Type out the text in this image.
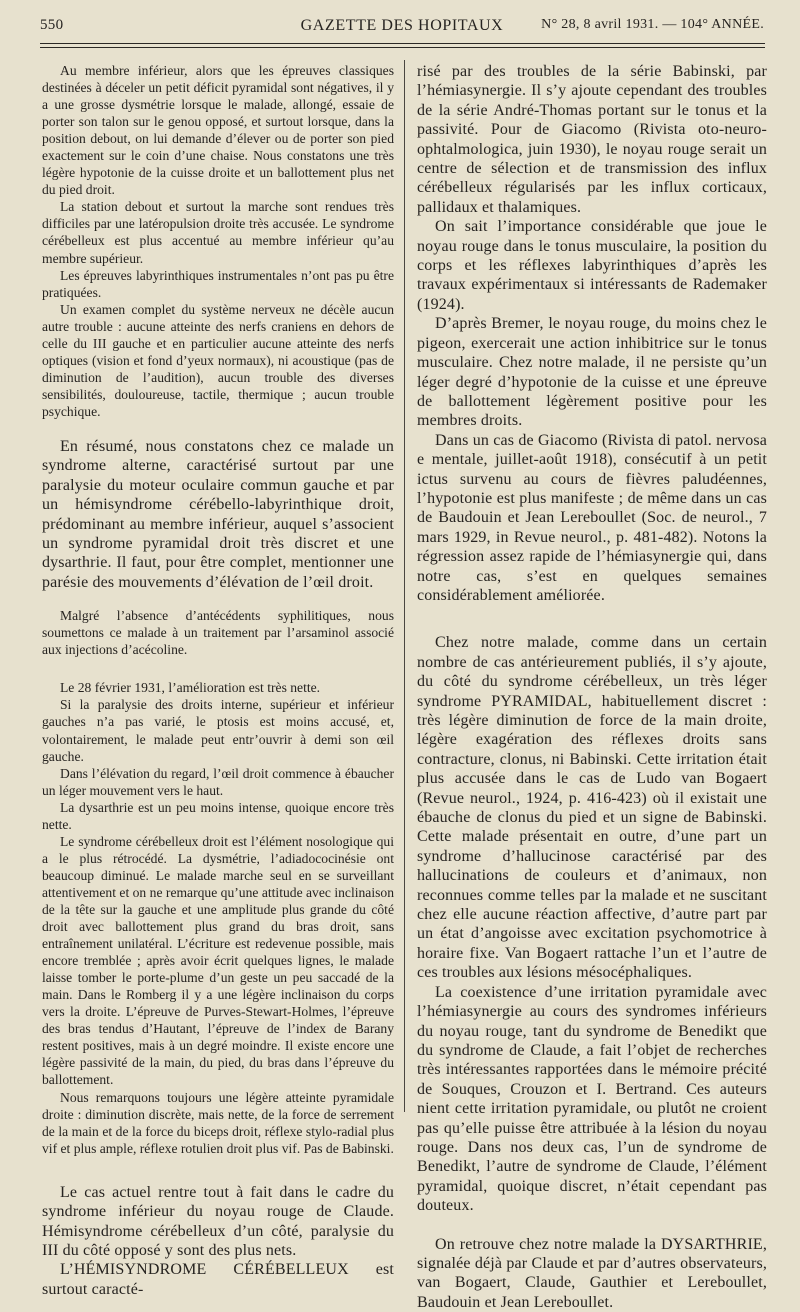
550	GAZETTE DES HOPITAUX	N° 28, 8 avril 1931. — 104° ANNÉE.

Au membre inférieur, alors que les épreuves classiques destinées à déceler un petit déficit pyramidal sont négatives, il y a une grosse dysmétrie lorsque le malade, allongé, essaie de porter son talon sur le genou opposé, et surtout lorsque, dans la position debout, on lui demande d’élever ou de porter son pied exactement sur le coin d’une chaise. Nous constatons une très légère hypotonie de la cuisse droite et un ballottement plus net du pied droit.

La station debout et surtout la marche sont rendues très difficiles par une latéropulsion droite très accusée. Le syndrome cérébelleux est plus accentué au membre inférieur qu’au membre supérieur.

Les épreuves labyrinthiques instrumentales n’ont pas pu être pratiquées.

Un examen complet du système nerveux ne décèle aucun autre trouble : aucune atteinte des nerfs craniens en dehors de celle du III gauche et en particulier aucune atteinte des nerfs optiques (vision et fond d’yeux normaux), ni acoustique (pas de diminution de l’audition), aucun trouble des diverses sensibilités, douloureuse, tactile, thermique ; aucun trouble psychique.

En résumé, nous constatons chez ce malade un syndrome alterne, caractérisé surtout par une paralysie du moteur oculaire commun gauche et par un hémisyndrome cérébello-labyrinthique droit, prédominant au membre inférieur, auquel s’associent un syndrome pyramidal droit très discret et une dysarthrie. Il faut, pour être complet, mentionner une parésie des mouvements d’élévation de l’œil droit.

Malgré l’absence d’antécédents syphilitiques, nous soumettons ce malade à un traitement par l’arsaminol associé aux injections d’acécoline.

Le 28 février 1931, l’amélioration est très nette.

Si la paralysie des droits interne, supérieur et inférieur gauches n’a pas varié, le ptosis est moins accusé, et, volontairement, le malade peut entr’ouvrir à demi son œil gauche.

Dans l’élévation du regard, l’œil droit commence à ébaucher un léger mouvement vers le haut.

La dysarthrie est un peu moins intense, quoique encore très nette.

Le syndrome cérébelleux droit est l’élément nosologique qui a le plus rétrocédé. La dysmétrie, l’adiadococinésie ont beaucoup diminué. Le malade marche seul en se surveillant attentivement et on ne remarque qu’une attitude avec inclinaison de la tête sur la gauche et une amplitude plus grande du côté droit avec ballottement plus grand du bras droit, sans entraînement unilatéral. L’écriture est redevenue possible, mais encore tremblée ; après avoir écrit quelques lignes, le malade laisse tomber le porte-plume d’un geste un peu saccadé de la main. Dans le Romberg il y a une légère inclinaison du corps vers la droite. L’épreuve de Purves-Stewart-Holmes, l’épreuve des bras tendus d’Hautant, l’épreuve de l’index de Barany restent positives, mais à un degré moindre. Il existe encore une légère passivité de la main, du pied, du bras dans l’épreuve du ballottement.

Nous remarquons toujours une légère atteinte pyramidale droite : diminution discrète, mais nette, de la force de serrement de la main et de la force du biceps droit, réflexe stylo-radial plus vif et plus ample, réflexe rotulien droit plus vif. Pas de Babinski.

Le cas actuel rentre tout à fait dans le cadre du syndrome inférieur du noyau rouge de Claude. Hémisyndrome cérébelleux d’un côté, paralysie du III du côté opposé y sont des plus nets.

L’HÉMISYNDROME CÉRÉBELLEUX est surtout caracté-

risé par des troubles de la série Babinski, par l’hémiasynergie. Il s’y ajoute cependant des troubles de la série André-Thomas portant sur le tonus et la passivité. Pour de Giacomo (Rivista oto-neuro-ophtalmologica, juin 1930), le noyau rouge serait un centre de sélection et de transmission des influx cérébelleux régularisés par les influx corticaux, pallidaux et thalamiques.

On sait l’importance considérable que joue le noyau rouge dans le tonus musculaire, la position du corps et les réflexes labyrinthiques d’après les travaux expérimentaux si intéressants de Rademaker (1924).

D’après Bremer, le noyau rouge, du moins chez le pigeon, exercerait une action inhibitrice sur le tonus musculaire. Chez notre malade, il ne persiste qu’un léger degré d’hypotonie de la cuisse et une épreuve de ballottement légèrement positive pour les membres droits.

Dans un cas de Giacomo (Rivista di patol. nervosa e mentale, juillet-août 1918), consécutif à un petit ictus survenu au cours de fièvres paludéennes, l’hypotonie est plus manifeste ; de même dans un cas de Baudouin et Jean Lereboullet (Soc. de neurol., 7 mars 1929, in Revue neurol., p. 481-482). Notons la régression assez rapide de l’hémiasynergie qui, dans notre cas, s’est en quelques semaines considérablement améliorée.

Chez notre malade, comme dans un certain nombre de cas antérieurement publiés, il s’y ajoute, du côté du syndrome cérébelleux, un très léger syndrome PYRAMIDAL, habituellement discret : très légère diminution de force de la main droite, légère exagération des réflexes droits sans contracture, clonus, ni Babinski. Cette irritation était plus accusée dans le cas de Ludo van Bogaert (Revue neurol., 1924, p. 416-423) où il existait une ébauche de clonus du pied et un signe de Babinski. Cette malade présentait en outre, d’une part un syndrome d’hallucinose caractérisé par des hallucinations de couleurs et d’animaux, non reconnues comme telles par la malade et ne suscitant chez elle aucune réaction affective, d’autre part par un état d’angoisse avec excitation psychomotrice à horaire fixe. Van Bogaert rattache l’un et l’autre de ces troubles aux lésions mésocéphaliques.

La coexistence d’une irritation pyramidale avec l’hémiasynergie au cours des syndromes inférieurs du noyau rouge, tant du syndrome de Benedikt que du syndrome de Claude, a fait l’objet de recherches très intéressantes rapportées dans le mémoire précité de Souques, Crouzon et I. Bertrand. Ces auteurs nient cette irritation pyramidale, ou plutôt ne croient pas qu’elle puisse être attribuée à la lésion du noyau rouge. Dans nos deux cas, l’un de syndrome de Benedikt, l’autre de syndrome de Claude, l’élément pyramidal, quoique discret, n’était cependant pas douteux.

On retrouve chez notre malade la DYSARTHRIE, signalée déjà par Claude et par d’autres observateurs, van Bogaert, Claude, Gauthier et Lereboullet, Baudouin et Jean Lereboullet.
